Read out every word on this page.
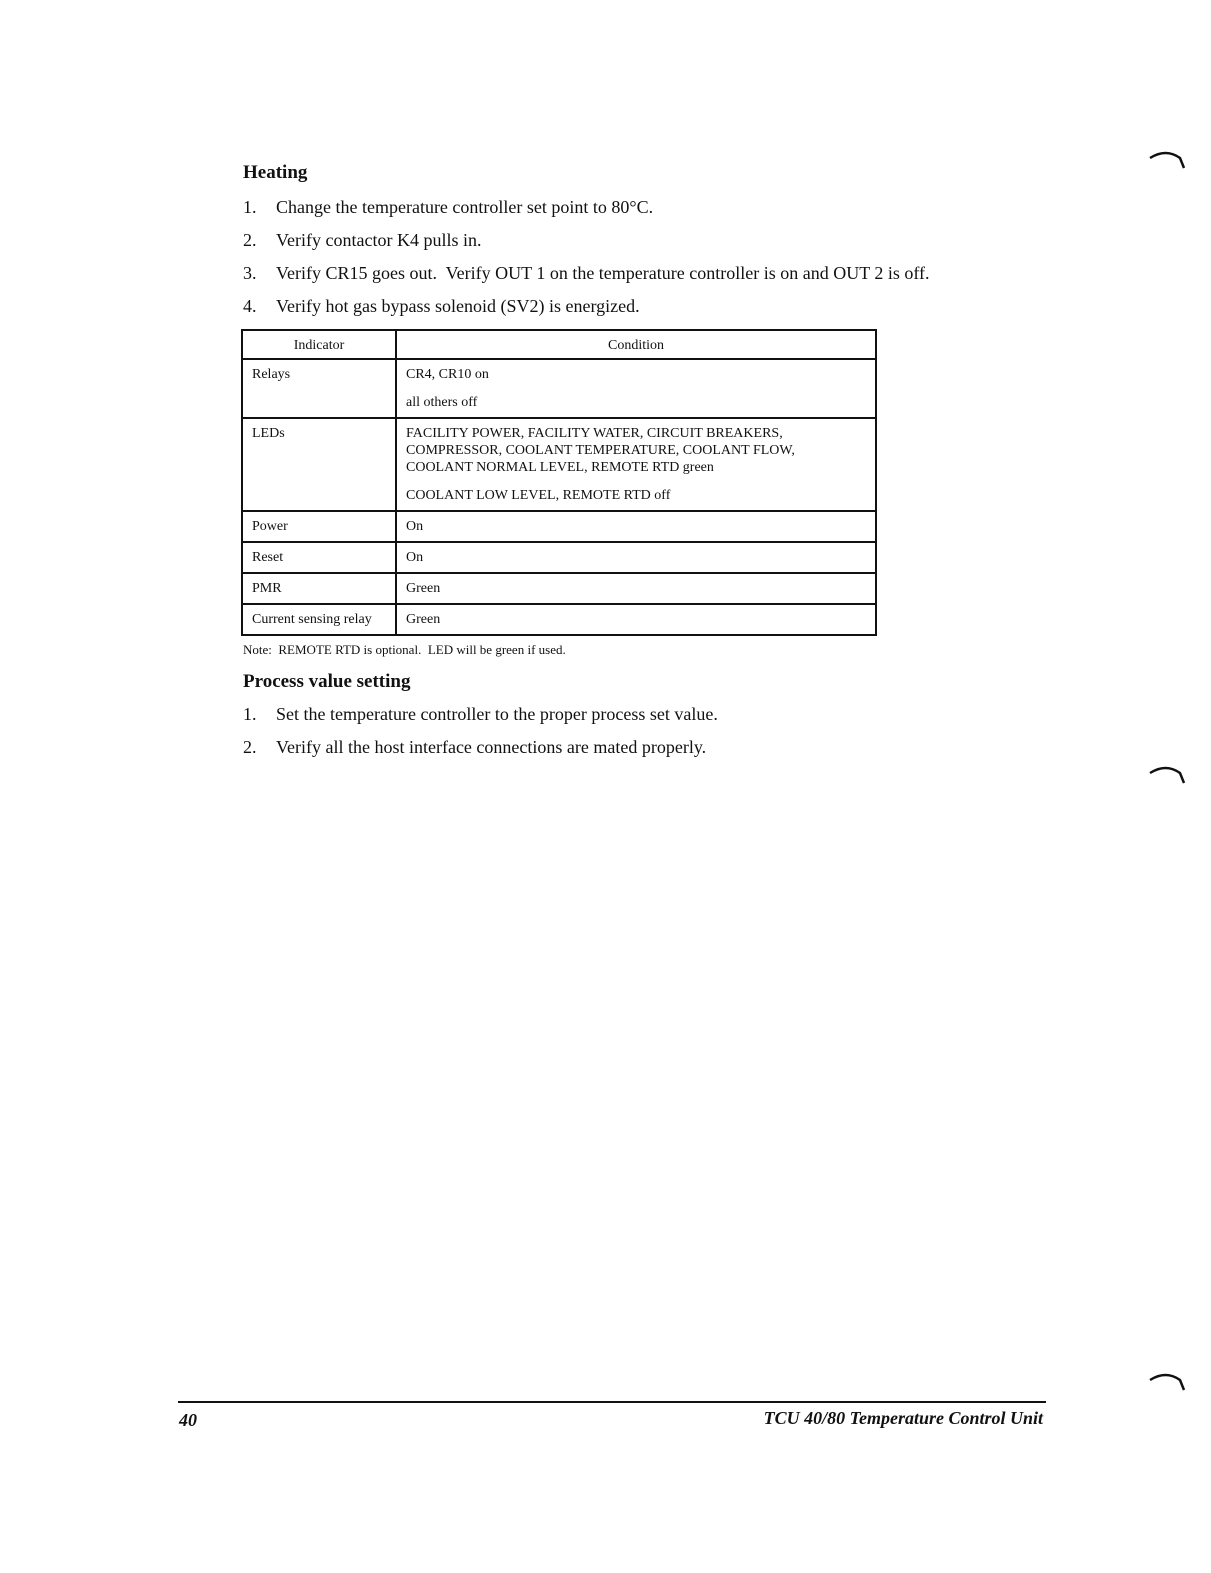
Heating
1. Change the temperature controller set point to 80°C.
2. Verify contactor K4 pulls in.
3. Verify CR15 goes out.  Verify OUT 1 on the temperature controller is on and OUT 2 is off.
4. Verify hot gas bypass solenoid (SV2) is energized.
Indicator	Condition
Relays	CR4, CR10 on

all others off

LEDs	FACILITY POWER, FACILITY WATER, CIRCUIT BREAKERS, COMPRESSOR, COOLANT TEMPERATURE, COOLANT FLOW, COOLANT NORMAL LEVEL, REMOTE RTD green

COOLANT LOW LEVEL, REMOTE RTD off

Power	On

Reset	On

PMR	Green

Current sensing relay	Green

Note:  REMOTE RTD is optional.  LED will be green if used.
Process value setting
1. Set the temperature controller to the proper process set value.
2. Verify all the host interface connections are mated properly.
40	TCU 40/80 Temperature Control Unit
